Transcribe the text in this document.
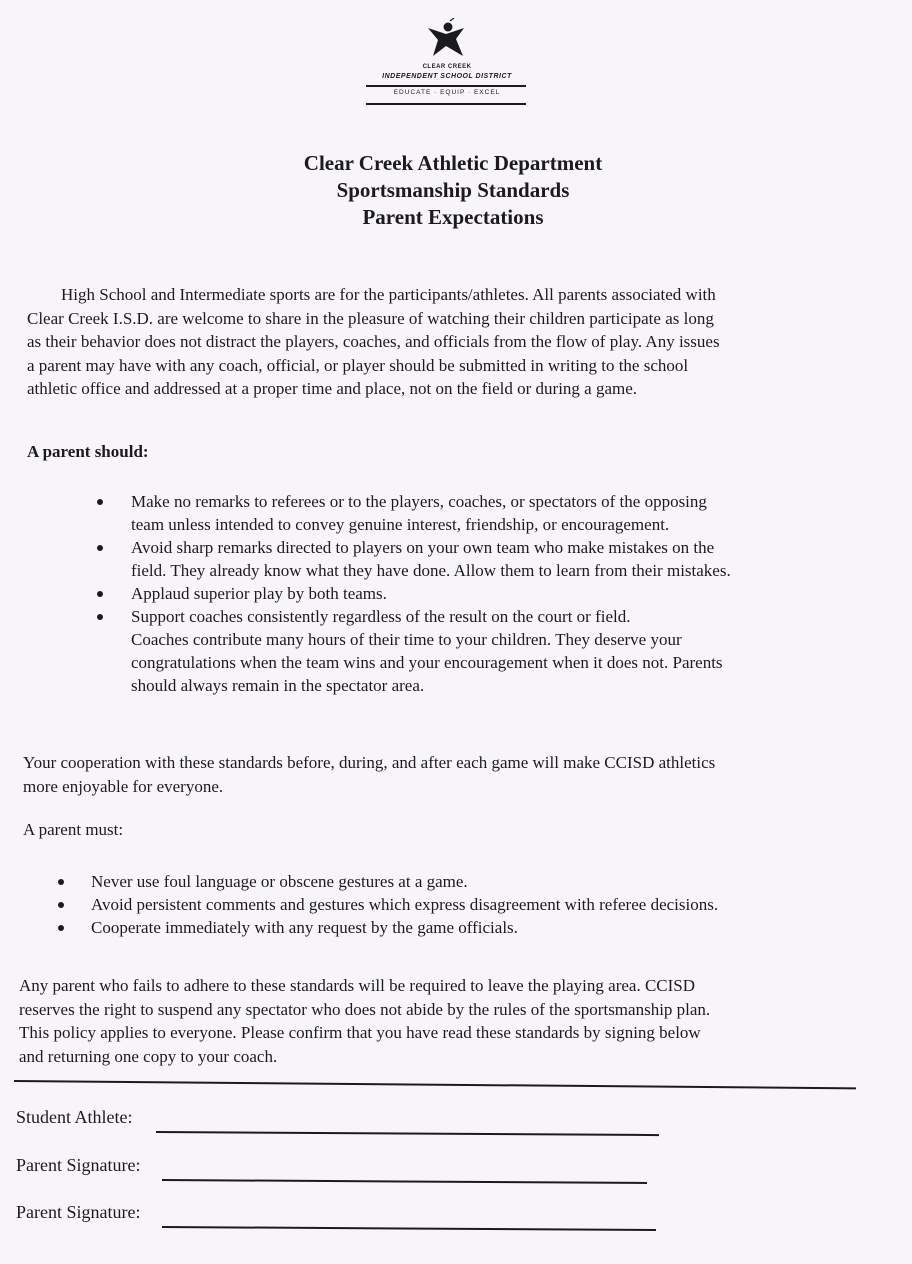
CLEAR CREEK
INDEPENDENT SCHOOL DISTRICT
EDUCATE · EQUIP · EXCEL
Clear Creek Athletic Department
Sportsmanship Standards
Parent Expectations
High School and Intermediate sports are for the participants/athletes. All parents associated with
Clear Creek I.S.D. are welcome to share in the pleasure of watching their children participate as long
as their behavior does not distract the players, coaches, and officials from the flow of play. Any issues
a parent may have with any coach, official, or player should be submitted in writing to the school
athletic office and addressed at a proper time and place, not on the field or during a game.
A parent should:
Make no remarks to referees or to the players, coaches, or spectators of the opposing
team unless intended to convey genuine interest, friendship, or encouragement.
Avoid sharp remarks directed to players on your own team who make mistakes on the
field. They already know what they have done. Allow them to learn from their mistakes.
Applaud superior play by both teams.
Support coaches consistently regardless of the result on the court or field.
Coaches contribute many hours of their time to your children. They deserve your
congratulations when the team wins and your encouragement when it does not. Parents
should always remain in the spectator area.
Your cooperation with these standards before, during, and after each game will make CCISD athletics
more enjoyable for everyone.
A parent must:
Never use foul language or obscene gestures at a game.
Avoid persistent comments and gestures which express disagreement with referee decisions.
Cooperate immediately with any request by the game officials.
Any parent who fails to adhere to these standards will be required to leave the playing area. CCISD
reserves the right to suspend any spectator who does not abide by the rules of the sportsmanship plan.
This policy applies to everyone. Please confirm that you have read these standards by signing below
and returning one copy to your coach.
Student Athlete:
Parent Signature:
Parent Signature:
